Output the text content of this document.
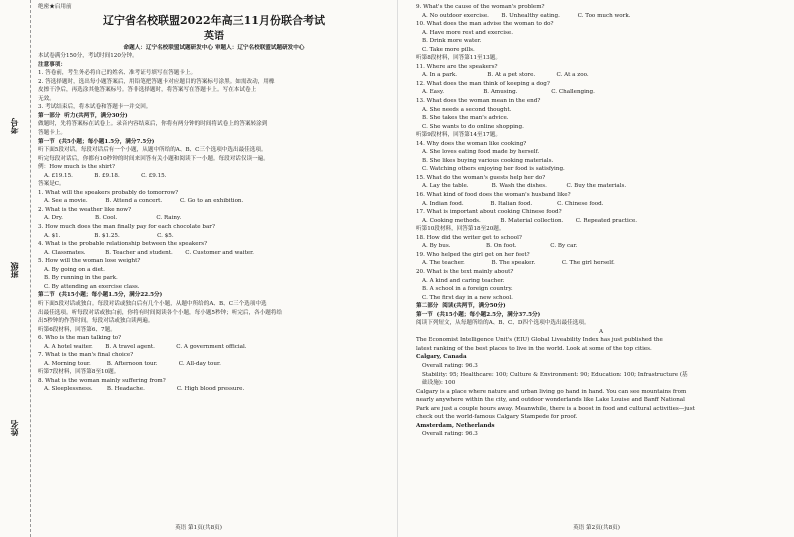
考号
班级
姓名
绝密★启用前
辽宁省名校联盟2022年高三11月份联合考试
英语
命题人：辽宁名校联盟试题研发中心 审题人：辽宁名校联盟试题研发中心
本试卷满分150分，考试时间120分钟。
注意事项：
1. 答卷前，考生务必将自己的姓名、准考证号填写在答题卡上。
2. 答选择题时，选出每小题答案后，用铅笔把答题卡对应题目的答案标号涂黑。如需改动，用橡
皮擦干净后，再选涂其他答案标号。答非选择题时，将答案写在答题卡上。写在本试卷上
无效。
3. 考试结束后，将本试卷和答题卡一并交回。
第一部分  听力(共两节，满分30分)
做题时，先将答案标在试卷上。录音内容结束后，你将有两分钟的时间将试卷上的答案转涂到
答题卡上。
第一节  (共5小题；每小题1.5分，满分7.5分)
听下面5段对话。每段对话后有一个小题，从题中所给的A、B、C三个选项中选出最佳选项。
听完每段对话后，你都有10秒钟的时间来回答有关小题和阅读下一小题。每段对话仅读一遍。
例：How much is the shirt?
A. £19.15.            B. £9.18.            C. £9.15.
答案是C。
1. What will the speakers probably do tomorrow?
A. See a movie.          B. Attend a concert.          C. Go to an exhibition.
2. What is the weather like now?
A. Dry.                  B. Cool.                      C. Rainy.
3. How much does the man finally pay for each chocolate bar?
A. $1.                   B. $1.25.                     C. $5.
4. What is the probable relationship between the speakers?
A. Classmates.           B. Teacher and student.       C. Customer and waiter.
5. How will the woman lose weight?
A. By going on a diet.
B. By running in the park.
C. By attending an exercise class.
第二节  (共15小题；每小题1.5分，满分22.5分)
听下面5段对话或独白。每段对话或独白后有几个小题，从题中所给的A、B、C三个选项中选
出最佳选项。听每段对话或独白前，你将有时间阅读各个小题，每小题5秒钟；听完后，各小题将给
出5秒钟的作答时间。每段对话或独白读两遍。
听第6段材料，回答第6、7题。
6. Who is the man talking to?
A. A hotel waiter.       B. A travel agent.            C. A government official.
7. What is the man's final choice?
A. Morning tour.         B. Afternoon tour.            C. All-day tour.
听第7段材料，回答第8至10题。
8. What is the woman mainly suffering from?
A. Sleeplessness.        B. Headache.                  C. High blood pressure.
英语 第1页(共8页)
9. What's the cause of the woman's problem?
A. No outdoor exercise.       B. Unhealthy eating.          C. Too much work.
10. What does the man advise the woman to do?
A. Have more rest and exercise.
B. Drink more water.
C. Take more pills.
听第8段材料，回答第11至13题。
11. Where are the speakers?
A. In a park.                 B. At a pet store.            C. At a zoo.
12. What does the man think of keeping a dog?
A. Easy.                      B. Amusing.                   C. Challenging.
13. What does the woman mean in the end?
A. She needs a second thought.
B. She takes the man's advice.
C. She wants to do online shopping.
听第9段材料，回答第14至17题。
14. Why does the woman like cooking?
A. She loves eating food made by herself.
B. She likes buying various cooking materials.
C. Watching others enjoying her food is satisfying.
15. What do the woman's guests help her do?
A. Lay the table.             B. Wash the dishes.           C. Buy the materials.
16. What kind of food does the woman's husband like?
A. Indian food.               B. Italian food.              C. Chinese food.
17. What is important about cooking Chinese food?
A. Cooking methods.           B. Material collection.       C. Repeated practice.
听第10段材料，回答第18至20题。
18. How did the writer get to school?
A. By bus.                    B. On foot.                   C. By car.
19. Who helped the girl get on her feet?
A. The teacher.               B. The speaker.               C. The girl herself.
20. What is the text mainly about?
A. A kind and caring teacher.
B. A school in a foreign country.
C. The first day in a new school.
第二部分  阅读(共两节，满分50分)
第一节  (共15小题；每小题2.5分，满分37.5分)
阅读下列短文，从每题所给的A、B、C、D四个选项中选出最佳选项。
A
The Economist Intelligence Unit's (EIU) Global Liveability Index has just published the
latest ranking of the best places to live in the world. Look at some of the top cities.
Calgary, Canada
Overall rating: 96.3
Stability: 95; Healthcare: 100; Culture & Environment: 90; Education: 100; Infrastructure (基
础设施): 100
Calgary is a place where nature and urban living go hand in hand. You can see mountains from
nearly anywhere within the city, and outdoor wonderlands like Lake Louise and Banff National
Park are just a couple hours away. Meanwhile, there is a boost in food and cultural activities—just
check out the world-famous Calgary Stampede for proof.
Amsterdam, Netherlands
Overall rating: 96.3
英语 第2页(共8页)
